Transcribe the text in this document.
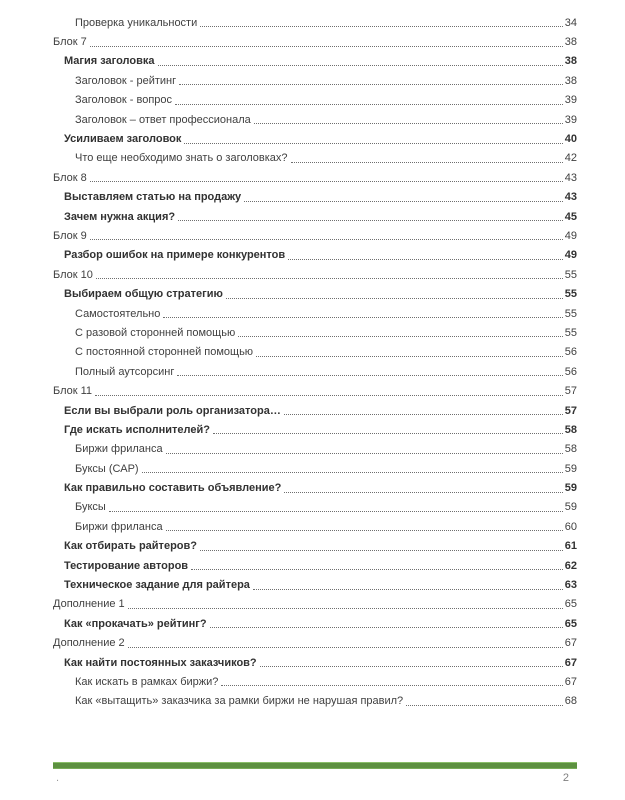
Проверка уникальности	34
Блок 7	38
Магия заголовка	38
Заголовок - рейтинг	38
Заголовок - вопрос	39
Заголовок – ответ профессионала	39
Усиливаем заголовок	40
Что еще необходимо знать о заголовках?	42
Блок 8	43
Выставляем статью на продажу	43
Зачем нужна акция?	45
Блок 9	49
Разбор ошибок на примере конкурентов	49
Блок 10	55
Выбираем общую стратегию	55
Самостоятельно	55
С разовой сторонней помощью	55
С постоянной сторонней помощью	56
Полный аутсорсинг	56
Блок 11	57
Если вы выбрали роль организатора…	57
Где искать исполнителей?	58
Биржи фриланса	58
Буксы (САР)	59
Как правильно составить объявление?	59
Буксы	59
Биржи фриланса	60
Как отбирать райтеров?	61
Тестирование авторов	62
Техническое задание для райтера	63
Дополнение 1	65
Как «прокачать» рейтинг?	65
Дополнение 2	67
Как найти постоянных заказчиков?	67
Как искать в рамках биржи?	67
Как «вытащить» заказчика за рамки биржи не нарушая правил?	68
.	2
